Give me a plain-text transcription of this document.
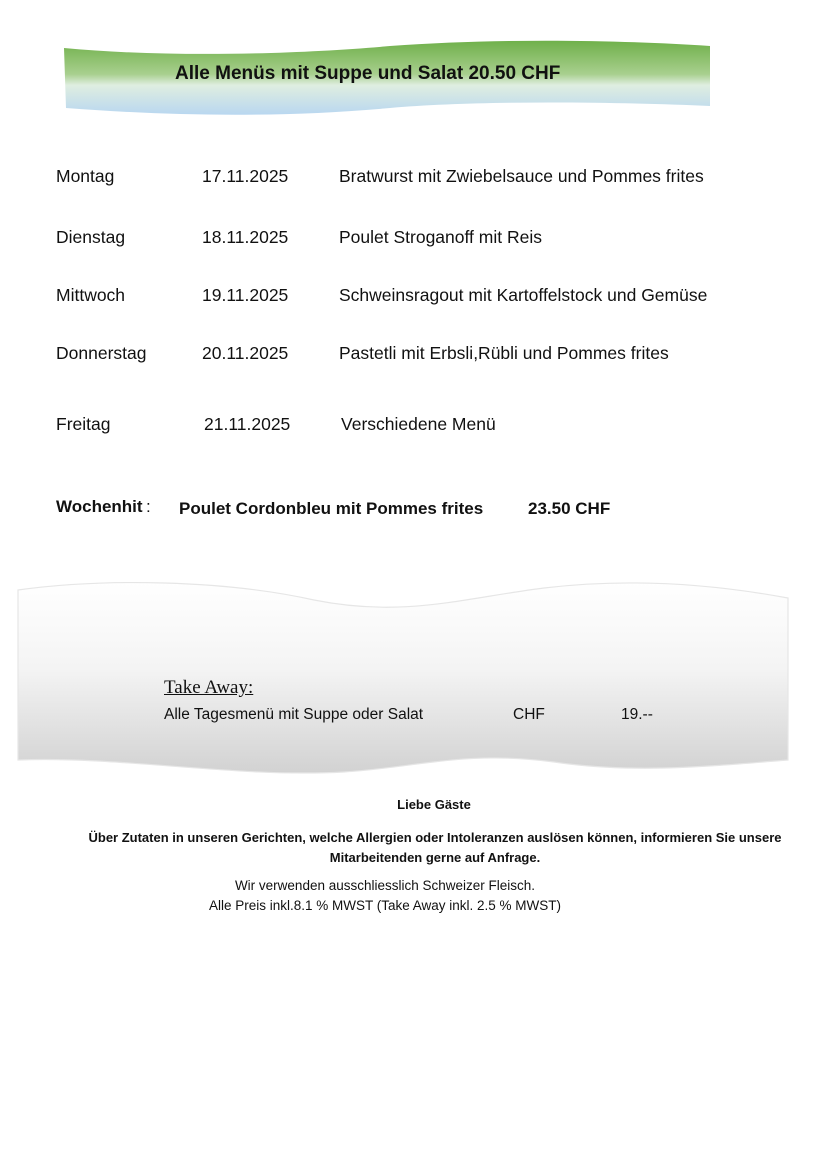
Alle Menüs mit Suppe und Salat 20.50 CHF
Montag	17.11.2025	Bratwurst mit Zwiebelsauce und Pommes frites
Dienstag	18.11.2025	Poulet Stroganoff mit Reis
Mittwoch	19.11.2025	Schweinsragout mit Kartoffelstock und Gemüse
Donnerstag	20.11.2025	Pastetli mit Erbsli,Rübli und Pommes frites
Freitag	21.11.2025	Verschiedene Menü
Wochenhit : Poulet Cordonbleu mit Pommes frites	23.50 CHF
Take Away:
Alle Tagesmenü mit Suppe oder Salat	CHF	19.--
Liebe Gäste
Über Zutaten in unseren Gerichten, welche Allergien oder Intoleranzen auslösen können, informieren Sie unsere Mitarbeitenden gerne auf Anfrage.
Wir verwenden ausschliesslich Schweizer Fleisch.
Alle Preis inkl.8.1 % MWST (Take Away inkl. 2.5 % MWST)
